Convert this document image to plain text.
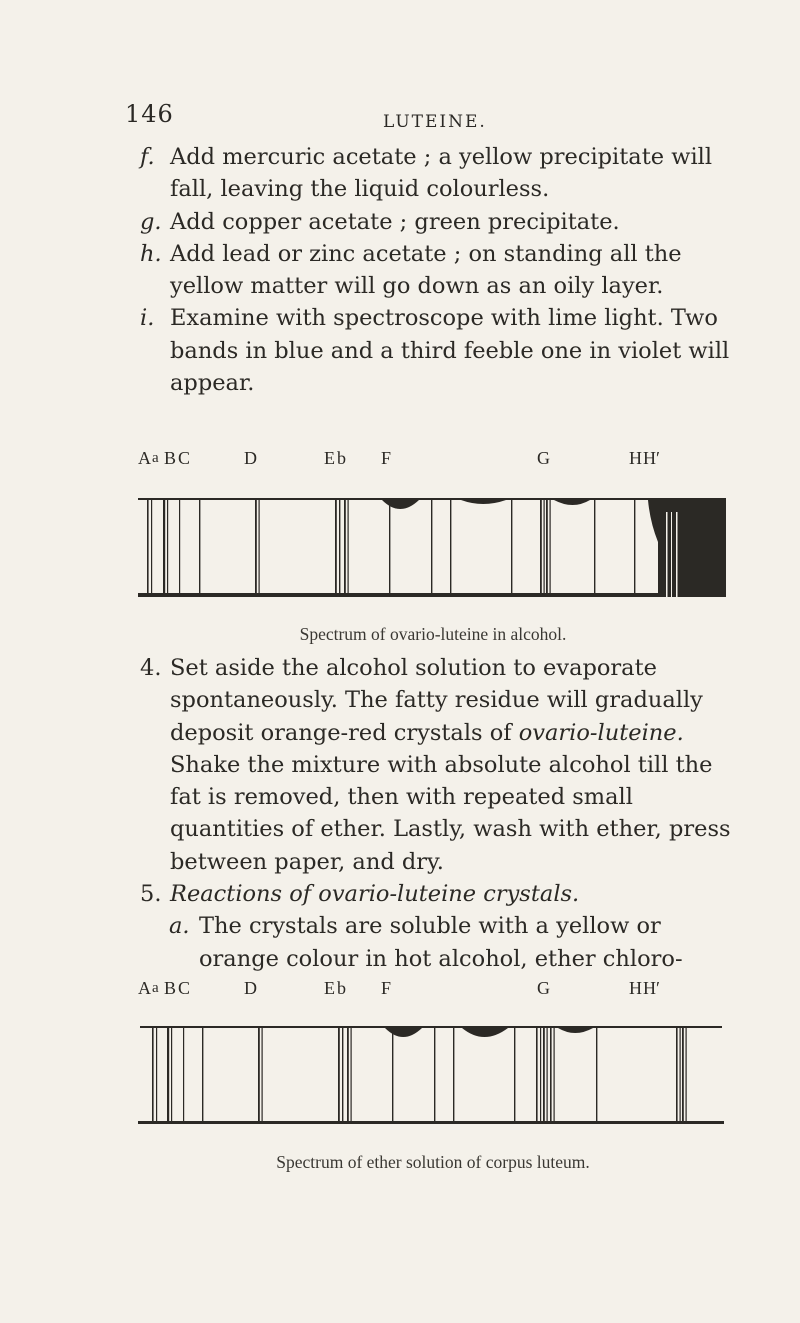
146	LUTEINE.

f. Add mercuric acetate ; a yellow precipitate will fall, leaving the liquid colourless.

g. Add copper acetate ; green precipitate.

h. Add lead or zinc acetate ; on standing all the yellow matter will go down as an oily layer.

i. Examine with spectroscope with lime light. Two bands in blue and a third feeble one in violet will appear.

A a B C	D	E b F	G	H H′
Spectrum of ovario-luteine in alcohol.

4. Set aside the alcohol solution to evaporate spontaneously. The fatty residue will gradually deposit orange-red crystals of ovario-luteine. Shake the mixture with absolute alcohol till the fat is removed, then with repeated small quantities of ether. Lastly, wash with ether, press between paper, and dry.

5. Reactions of ovario-luteine crystals.

a. The crystals are soluble with a yellow or orange colour in hot alcohol, ether chloro-

A a B C	D	E b F	G	H H′
Spectrum of ether solution of corpus luteum.
